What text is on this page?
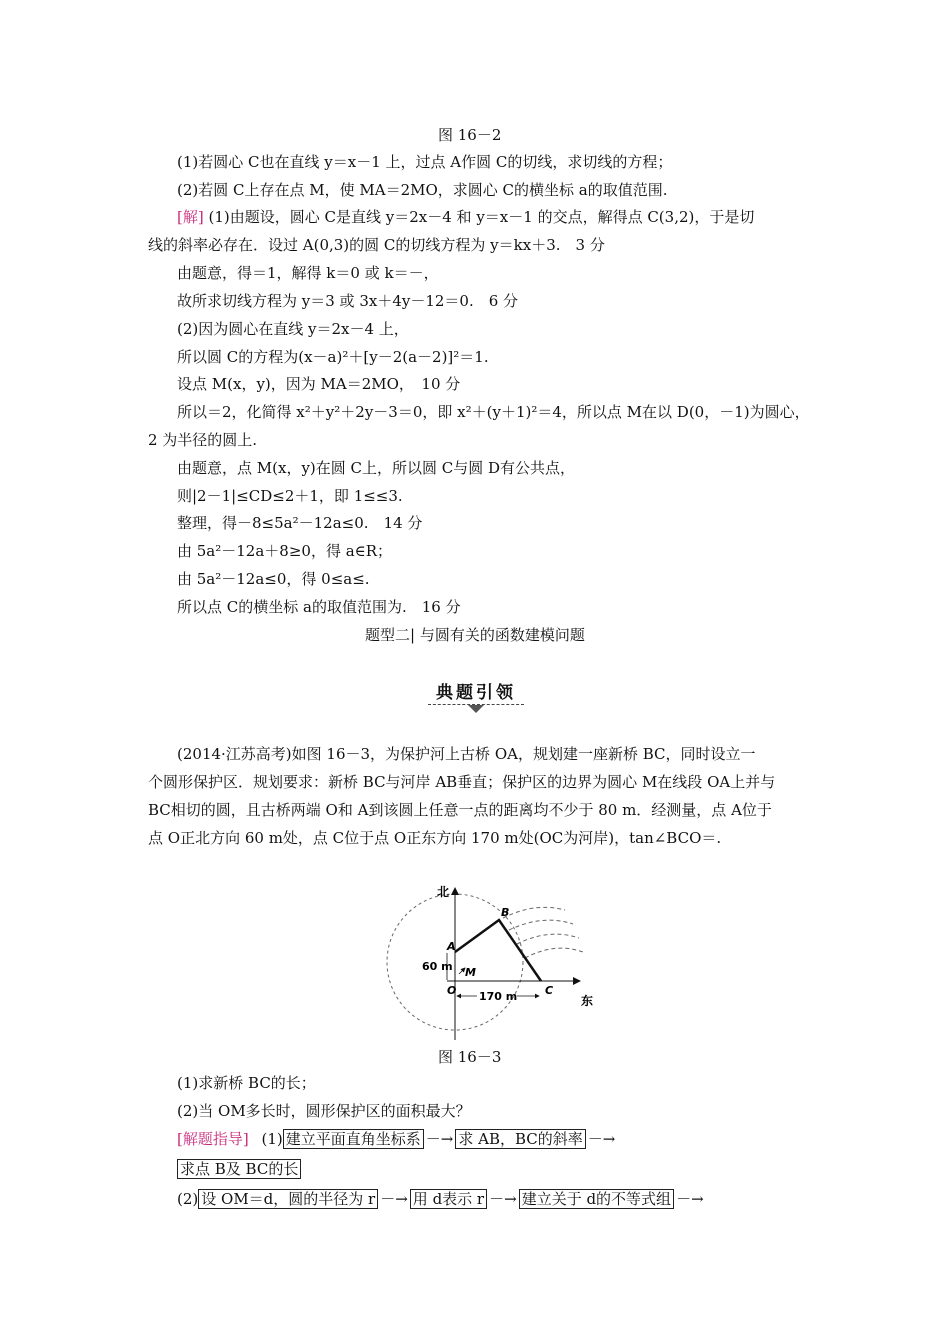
图 16－2
(1)若圆心 C也在直线 y＝x－1 上，过点 A作圆 C的切线，求切线的方程；
(2)若圆 C上存在点 M，使 MA＝2MO，求圆心 C的横坐标 a的取值范围.
[解] (1)由题设，圆心 C是直线 y＝2x－4 和 y＝x－1 的交点，解得点 C(3,2)，于是切
线的斜率必存在．设过 A(0,3)的圆 C的切线方程为 y＝kx＋3.　3 分
由题意，得＝1，解得 k＝0 或 k＝－，
故所求切线方程为 y＝3 或 3x＋4y－12＝0.　6 分
(2)因为圆心在直线 y＝2x－4 上，
所以圆 C的方程为(x－a)²＋[y－2(a－2)]²＝1.
设点 M(x，y)，因为 MA＝2MO，　10 分
所以＝2，化简得 x²＋y²＋2y－3＝0，即 x²＋(y＋1)²＝4，所以点 M在以 D(0，－1)为圆心，
2 为半径的圆上.
由题意，点 M(x，y)在圆 C上，所以圆 C与圆 D有公共点，
则|2－1|≤CD≤2＋1，即 1≤≤3.
整理，得－8≤5a²－12a≤0.　14 分
由 5a²－12a＋8≥0，得 a∈R；
由 5a²－12a≤0，得 0≤a≤.
所以点 C的横坐标 a的取值范围为.　16 分
题型二| 与圆有关的函数建模问题
典题引领
(2014·江苏高考)如图 16－3，为保护河上古桥 OA，规划建一座新桥 BC，同时设立一
个圆形保护区．规划要求：新桥 BC与河岸 AB垂直；保护区的边界为圆心 M在线段 OA上并与
BC相切的圆，且古桥两端 O和 A到该圆上任意一点的距离均不少于 80 m．经测量，点 A位于
点 O正北方向 60 m处，点 C位于点 O正东方向 170 m处(OC为河岸)，tan∠BCO＝.
北
东
A
B
C
M
O
60 m
170 m
图 16－3
(1)求新桥 BC的长；
(2)当 OM多长时，圆形保护区的面积最大？
[解题指导] (1) 建立平面直角坐标系 －→ 求 AB，BC的斜率 －→
求点 B及 BC的长
(2) 设 OM＝d，圆的半径为 r －→ 用 d表示 r －→ 建立关于 d的不等式组 －→
